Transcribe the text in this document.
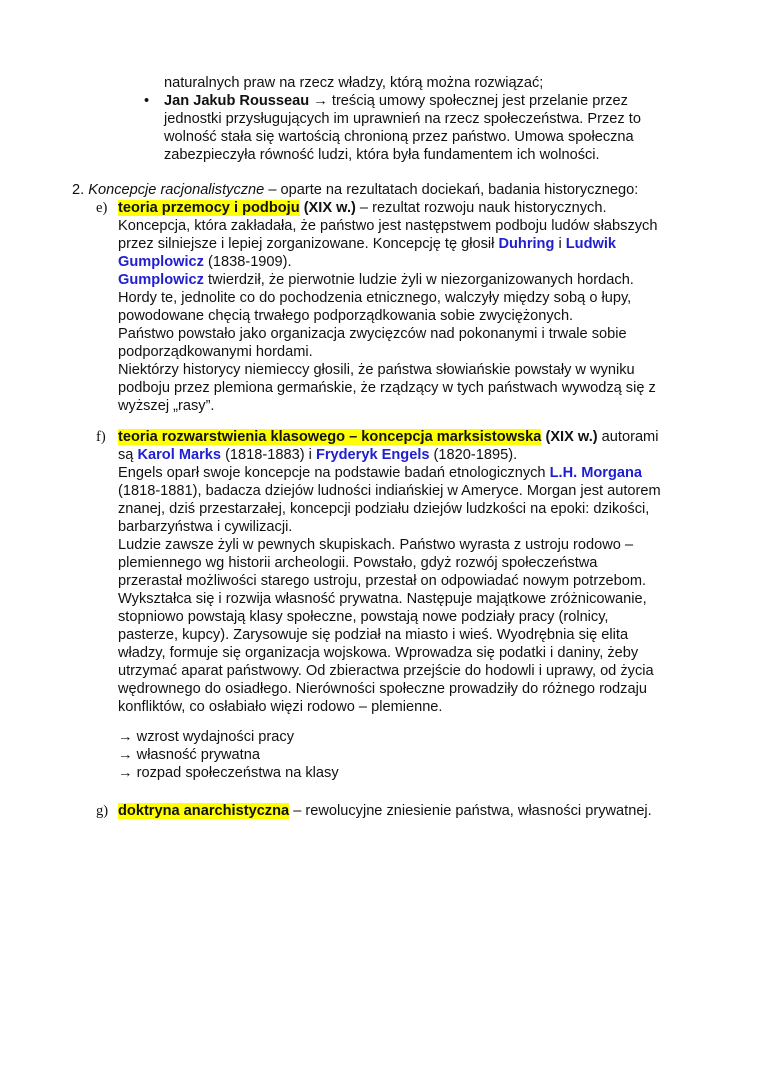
naturalnych praw na rzecz władzy, którą można rozwiązać;
• Jan Jakub Rousseau → treścią umowy społecznej jest przelanie przez
jednostki przysługujących im uprawnień na rzecz społeczeństwa. Przez to
wolność stała się wartością chronioną przez państwo. Umowa społeczna
zabezpieczyła równość ludzi, która była fundamentem ich wolności.
2. Koncepcje racjonalistyczne – oparte na rezultatach dociekań, badania historycznego:
e) teoria przemocy i podboju (XIX w.) – rezultat rozwoju nauk historycznych.
Koncepcja, która zakładała, że państwo jest następstwem podboju ludów słabszych
przez silniejsze i lepiej zorganizowane. Koncepcję tę głosił Duhring i Ludwik
Gumplowicz (1838-1909).
Gumplowicz twierdził, że pierwotnie ludzie żyli w niezorganizowanych hordach.
Hordy te, jednolite co do pochodzenia etnicznego, walczyły między sobą o łupy,
powodowane chęcią trwałego podporządkowania sobie zwyciężonych.
Państwo powstało jako organizacja zwycięzców nad pokonanymi i trwale sobie
podporządkowanymi hordami.
Niektórzy historycy niemieccy głosili, że państwa słowiańskie powstały w wyniku
podboju przez plemiona germańskie, że rządzący w tych państwach wywodzą się z
wyższej „rasy”.
f) teoria rozwarstwienia klasowego – koncepcja marksistowska (XIX w.) autorami
są Karol Marks (1818-1883) i Fryderyk Engels (1820-1895).
Engels oparł swoje koncepcje na podstawie badań etnologicznych L.H. Morgana
(1818-1881), badacza dziejów ludności indiańskiej w Ameryce. Morgan jest autorem
znanej, dziś przestarzałej, koncepcji podziału dziejów ludzkości na epoki: dzikości,
barbarzyństwa i cywilizacji.
Ludzie zawsze żyli w pewnych skupiskach. Państwo wyrasta z ustroju rodowo –
plemiennego wg historii archeologii. Powstało, gdyż rozwój społeczeństwa
przerastał możliwości starego ustroju, przestał on odpowiadać nowym potrzebom.
Wykształca się i rozwija własność prywatna. Następuje majątkowe zróżnicowanie,
stopniowo powstają klasy społeczne, powstają nowe podziały pracy (rolnicy,
pasterze, kupcy). Zarysowuje się podział na miasto i wieś. Wyodrębnia się elita
władzy, formuje się organizacja wojskowa. Wprowadza się podatki i daniny, żeby
utrzymać aparat państwowy. Od zbieractwa przejście do hodowli i uprawy, od życia
wędrownego do osiadłego. Nierówności społeczne prowadziły do różnego rodzaju
konfliktów, co osłabiało więzi rodowo – plemienne.
→ wzrost wydajności pracy
→ własność prywatna
→ rozpad społeczeństwa na klasy
g) doktryna anarchistyczna – rewolucyjne zniesienie państwa, własności prywatnej.
